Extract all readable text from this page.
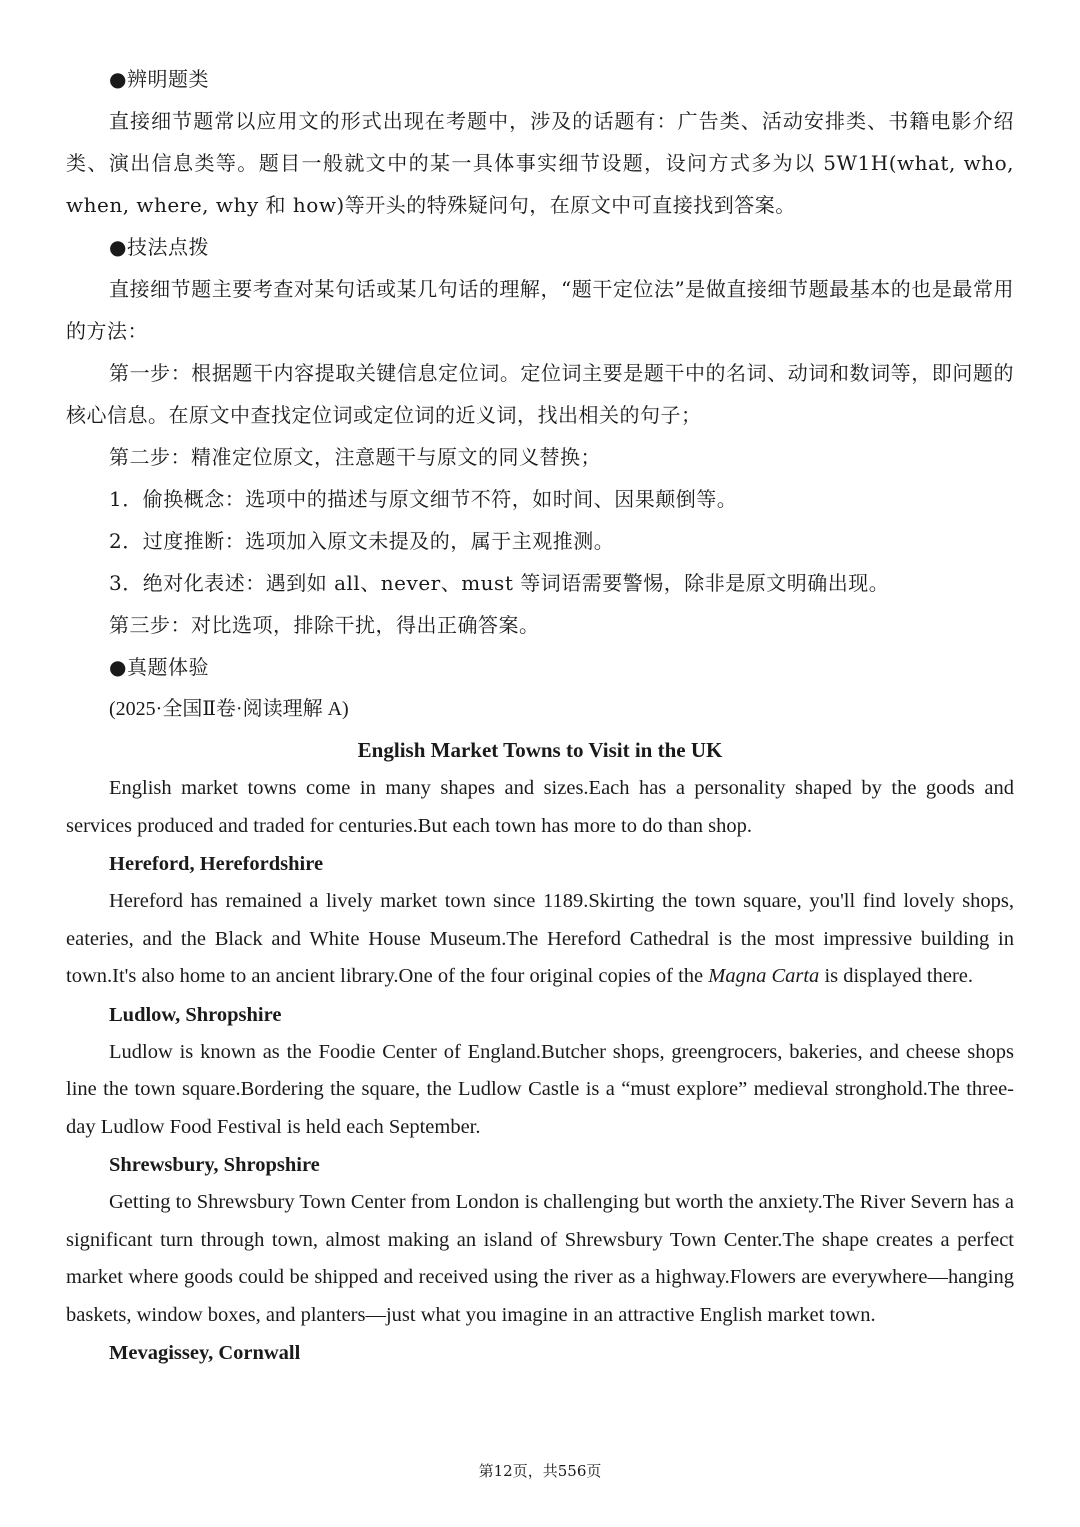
●辨明题类

直接细节题常以应用文的形式出现在考题中，涉及的话题有：广告类、活动安排类、书籍电影介绍类、演出信息类等。题目一般就文中的某一具体事实细节设题，设问方式多为以 5W1H(what, who, when, where, why 和 how)等开头的特殊疑问句，在原文中可直接找到答案。

●技法点拨

直接细节题主要考查对某句话或某几句话的理解，“题干定位法”是做直接细节题最基本的也是最常用的方法：

第一步：根据题干内容提取关键信息定位词。定位词主要是题干中的名词、动词和数词等，即问题的核心信息。在原文中查找定位词或定位词的近义词，找出相关的句子；

第二步：精准定位原文，注意题干与原文的同义替换；

1．偷换概念：选项中的描述与原文细节不符，如时间、因果颠倒等。

2．过度推断：选项加入原文未提及的，属于主观推测。

3．绝对化表述：遇到如 all、never、must 等词语需要警惕，除非是原文明确出现。

第三步：对比选项，排除干扰，得出正确答案。

●真题体验

(2025·全国Ⅱ卷·阅读理解 A)

English Market Towns to Visit in the UK

English market towns come in many shapes and sizes.Each has a personality shaped by the goods and services produced and traded for centuries.But each town has more to do than shop.

Hereford, Herefordshire

Hereford has remained a lively market town since 1189.Skirting the town square, you'll find lovely shops, eateries, and the Black and White House Museum.The Hereford Cathedral is the most impressive building in town.It's also home to an ancient library.One of the four original copies of the Magna Carta is displayed there.

Ludlow, Shropshire

Ludlow is known as the Foodie Center of England.Butcher shops, greengrocers, bakeries, and cheese shops line the town square.Bordering the square, the Ludlow Castle is a “must explore” medieval stronghold.The three-day Ludlow Food Festival is held each September.

Shrewsbury, Shropshire

Getting to Shrewsbury Town Center from London is challenging but worth the anxiety.The River Severn has a significant turn through town, almost making an island of Shrewsbury Town Center.The shape creates a perfect market where goods could be shipped and received using the river as a highway.Flowers are everywhere—hanging baskets, window boxes, and planters—just what you imagine in an attractive English market town.

Mevagissey, Cornwall

第12页，共556页
